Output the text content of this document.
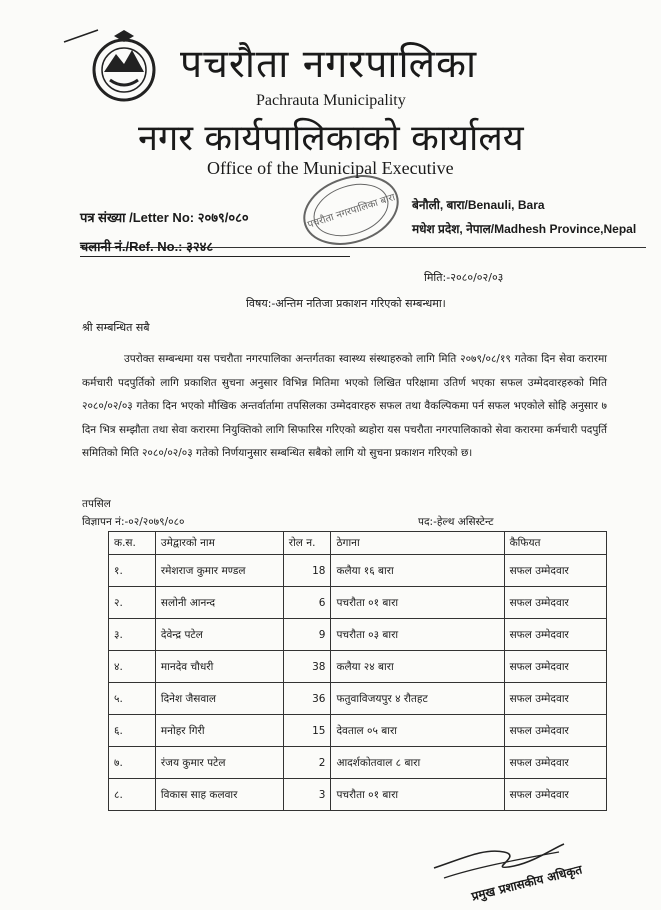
पचरौता नगरपालिका
Pachrauta Municipality
नगर कार्यपालिकाको कार्यालय
Office of the Municipal Executive
पचरौता नगरपालिका बारा
पत्र संख्या /Letter No: २०७९/०८०
बेनौली, बारा/Benauli, Bara
मधेश प्रदेश, नेपाल/Madhesh Province,Nepal
चलानी नं./Ref. No.: ३२४८
मिति:-२०८०/०२/०३
विषय:-अन्तिम नतिजा प्रकाशन गरिएको सम्बन्धमा।
श्री सम्बन्धित सबै
उपरोक्त सम्बन्धमा यस पचरौता नगरपालिका अन्तर्गतका स्वास्थ्य संस्थाहरुको लागि मिति २०७९/०८/१९ गतेका दिन सेवा करारमा कर्मचारी पदपुर्तिको लागि प्रकाशित सुचना अनुसार विभिन्न मितिमा भएको लिखित परिक्षामा उतिर्ण भएका सफल उम्मेदवारहरुको मिति २०८०/०२/०३ गतेका दिन भएको मौखिक अन्तर्वार्तामा तपसिलका उम्मेदवारहरु सफल तथा वैकल्पिकमा पर्न सफल भएकोले सोहि अनुसार ७ दिन भित्र सम्झौता तथा सेवा करारमा नियुक्तिको लागि सिफारिस गरिएको ब्यहोरा यस पचरौता नगरपालिकाको सेवा करारमा कर्मचारी पदपुर्ति समितिको मिति २०८०/०२/०३ गतेको निर्णयानुसार सम्बन्धित सबैको लागि यो सुचना प्रकाशन गरिएको छ।
तपसिल
विज्ञापन नं:-०२/२०७९/०८०	पद:-हेल्थ असिस्टेन्ट
क.स.	उमेद्वारको नाम	रोल न.	ठेगाना	कैफियत
१.	रमेशराज कुमार मण्डल	18	कलैया १६ बारा	सफल उम्मेदवार
२.	सलोनी आनन्द	6	पचरौता ०१ बारा	सफल उम्मेदवार
३.	देवेन्द्र पटेल	9	पचरौता ०३ बारा	सफल उम्मेदवार
४.	मानदेव चौधरी	38	कलैया २४ बारा	सफल उम्मेदवार
५.	दिनेश जैसवाल	36	फतुवाविजयपुर ४ रौतहट	सफल उम्मेदवार
६.	मनोहर गिरी	15	देवताल ०५ बारा	सफल उम्मेदवार
७.	रंजय कुमार पटेल	2	आदर्शकोतवाल ८ बारा	सफल उम्मेदवार
८.	विकास साह कलवार	3	पचरौता ०१ बारा	सफल उम्मेदवार
प्रमुख प्रशासकीय अधिकृत
